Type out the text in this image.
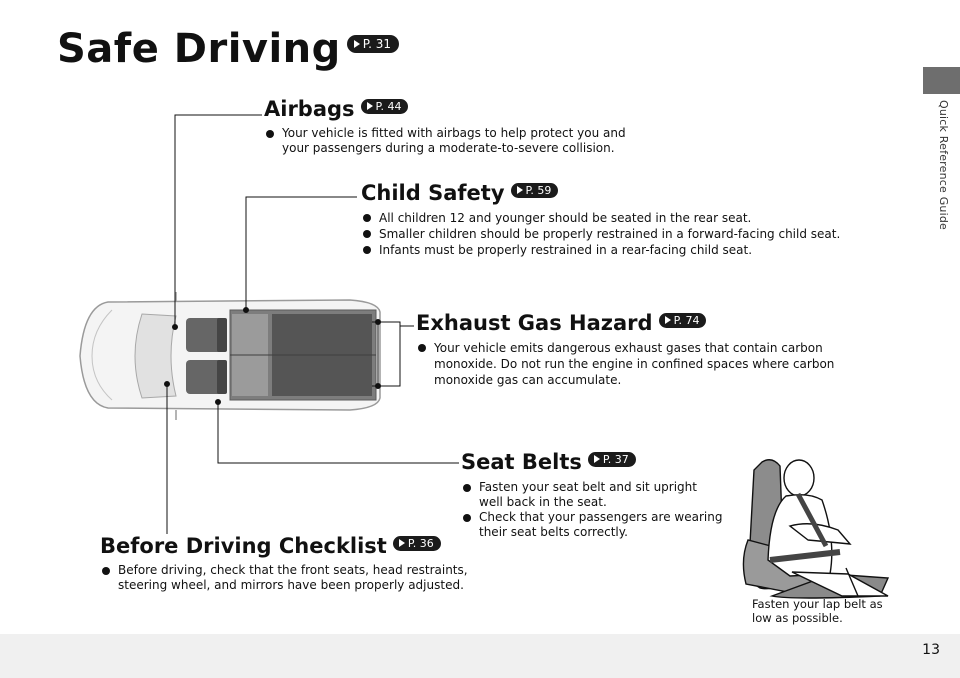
Quick Reference Guide
Safe Driving P. 31
Airbags P. 44
Your vehicle is fitted with airbags to help protect you and your passengers during a moderate-to-severe collision.
Child Safety P. 59
All children 12 and younger should be seated in the rear seat.
Smaller children should be properly restrained in a forward-facing child seat.
Infants must be properly restrained in a rear-facing child seat.
Exhaust Gas Hazard P. 74
Your vehicle emits dangerous exhaust gases that contain carbon monoxide. Do not run the engine in confined spaces where carbon monoxide gas can accumulate.
Seat Belts P. 37
Fasten your seat belt and sit upright well back in the seat.
Check that your passengers are wearing their seat belts correctly.
Before Driving Checklist P. 36
Before driving, check that the front seats, head restraints, steering wheel, and mirrors have been properly adjusted.
Fasten your lap belt as low as possible.
13
